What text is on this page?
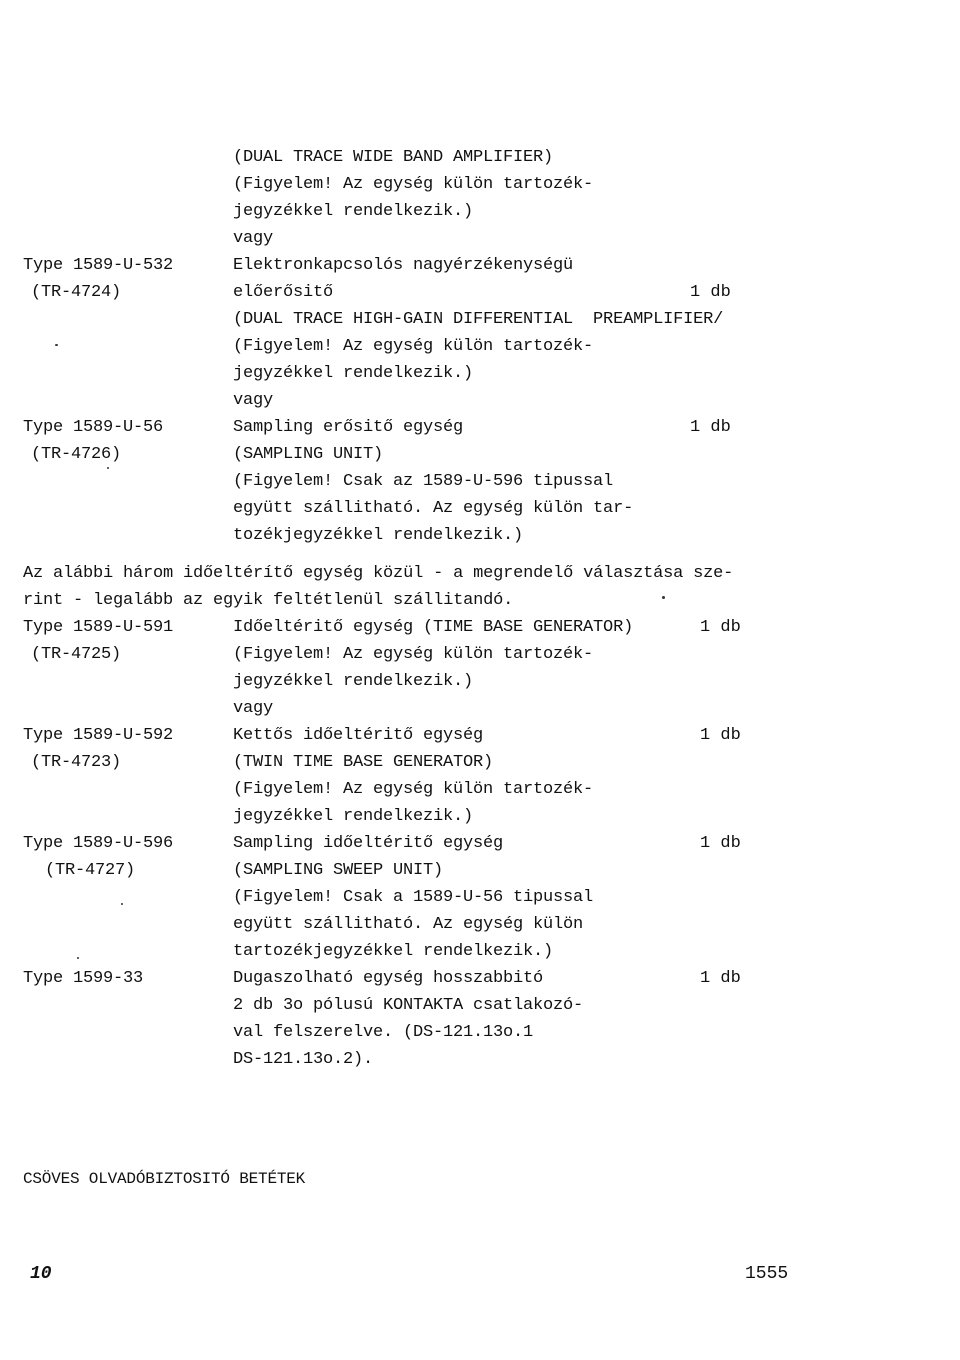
(DUAL TRACE WIDE BAND AMPLIFIER)
(Figyelem! Az egység külön tartozék-
jegyzékkel rendelkezik.)
vagy
Type 1589-U-532
(TR-4724)
Elektronkapcsolós nagyérzékenységü
előerősitő
(DUAL TRACE HIGH-GAIN DIFFERENTIAL  PREAMPLIFIER/
(Figyelem! Az egység külön tartozék-
jegyzékkel rendelkezik.)
vagy
1 db
Type 1589-U-56
(TR-4726)
Sampling erősitő egység
(SAMPLING UNIT)
(Figyelem! Csak az 1589-U-596 tipussal
együtt szállitható. Az egység külön tar-
tozékjegyzékkel rendelkezik.)
1 db
Az alábbi három időeltérítő egység közül - a megrendelő választása sze-
rint - legalább az egyik feltétlenül szállitandó.
Type 1589-U-591
(TR-4725)
Időeltéritő egység (TIME BASE GENERATOR)
(Figyelem! Az egység külön tartozék-
jegyzékkel rendelkezik.)
vagy
1 db
Type 1589-U-592
(TR-4723)
Kettős időeltéritő egység
(TWIN TIME BASE GENERATOR)
(Figyelem! Az egység külön tartozék-
jegyzékkel rendelkezik.)
1 db
Type 1589-U-596
(TR-4727)
Sampling időeltéritő egység
(SAMPLING SWEEP UNIT)
(Figyelem! Csak a 1589-U-56 tipussal
együtt szállitható. Az egység külön
tartozékjegyzékkel rendelkezik.)
1 db
Type 1599-33	Dugaszolható egység hosszabbitó
2 db 3o pólusú KONTAKTA csatlakozó-
val felszerelve. (DS-121.13o.1
DS-121.13o.2).
1 db
CSÖVES OLVADÓBIZTOSITÓ BETÉTEK
10	1555
